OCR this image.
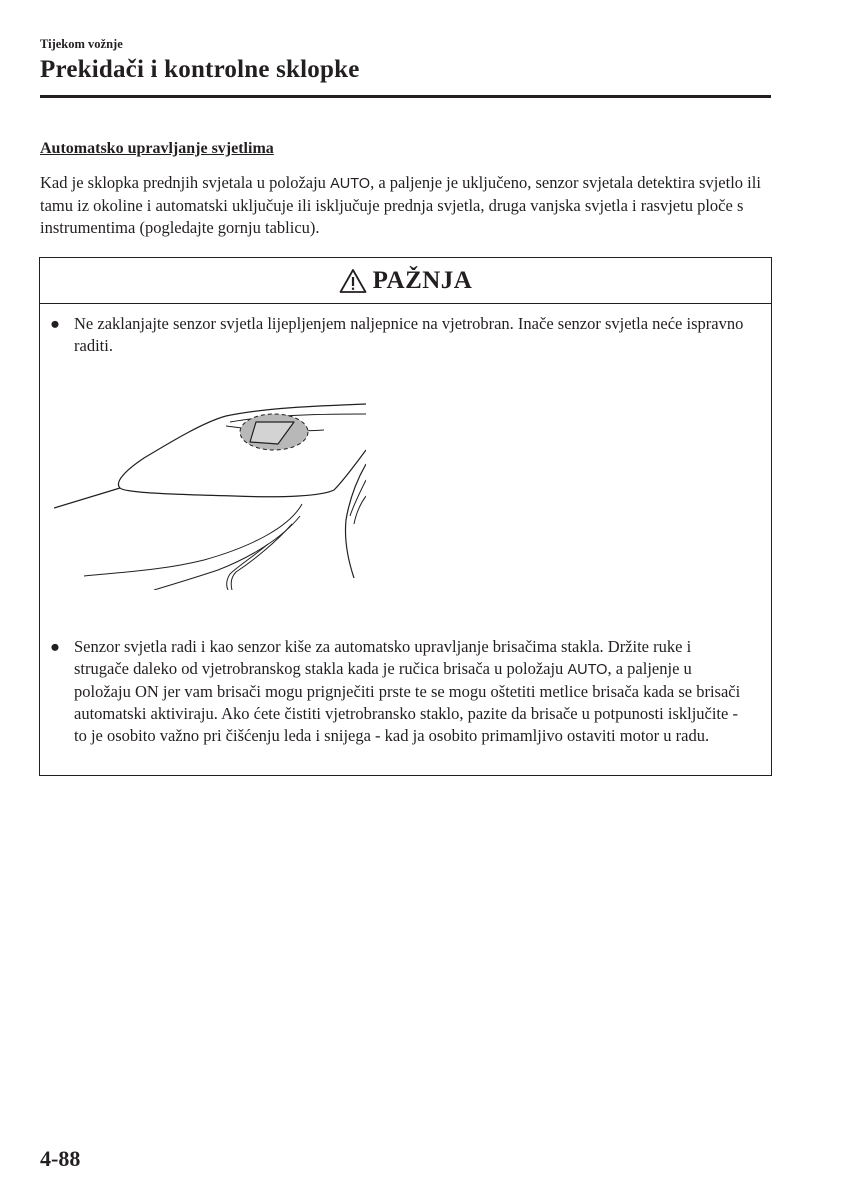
Tijekom vožnje
Prekidači i kontrolne sklopke
Automatsko upravljanje svjetlima

Kad je sklopka prednjih svjetala u položaju AUTO, a paljenje je uključeno, senzor svjetala detektira svjetlo ili tamu iz okoline i automatski uključuje ili isključuje prednja svjetla, druga vanjska svjetla i rasvjetu ploče s instrumentima (pogledajte gornju tablicu).

PAŽNJA
● Ne zaklanjajte senzor svjetla lijepljenjem naljepnice na vjetrobran. Inače senzor svjetla neće ispravno raditi.
● Senzor svjetla radi i kao senzor kiše za automatsko upravljanje brisačima stakla. Držite ruke i strugače daleko od vjetrobranskog stakla kada je ručica brisača u položaju AUTO, a paljenje u položaju ON jer vam brisači mogu prignječiti prste te se mogu oštetiti metlice brisača kada se brisači automatski aktiviraju. Ako ćete čistiti vjetrobransko staklo, pazite da brisače u potpunosti isključite - to je osobito važno pri čišćenju leda i snijega - kad ja osobito primamljivo ostaviti motor u radu.
4-88
